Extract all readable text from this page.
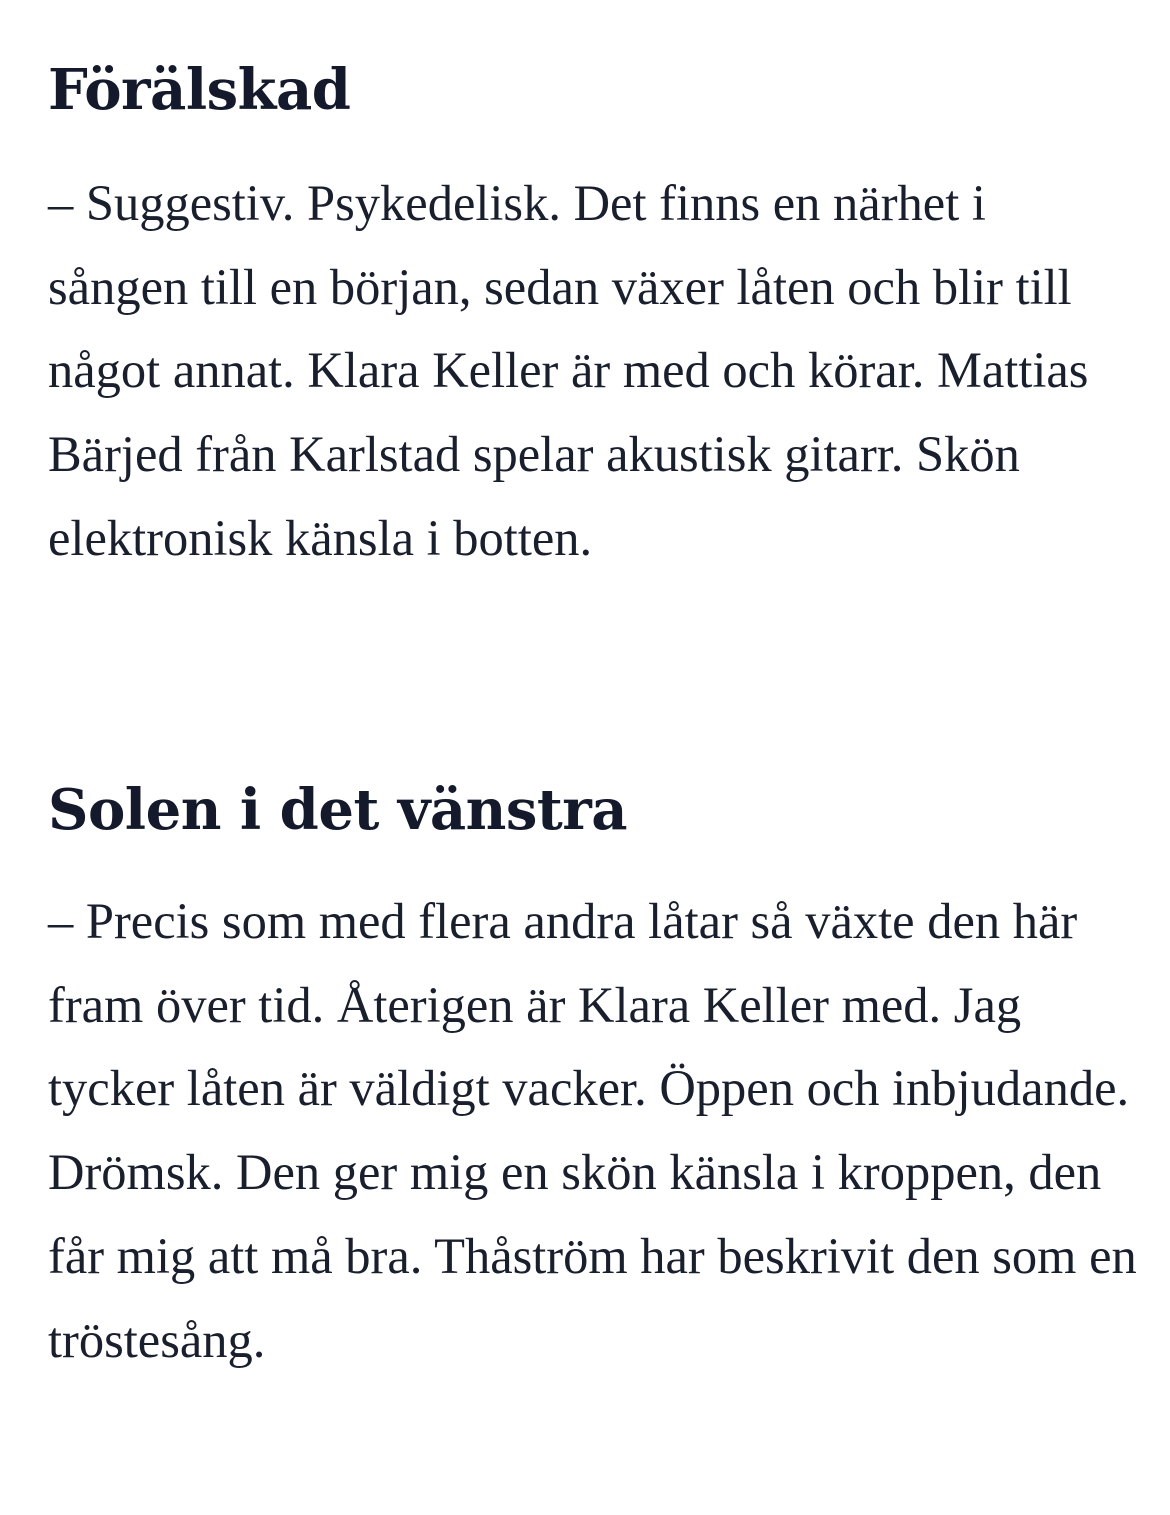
Förälskad

– Suggestiv. Psykedelisk. Det finns en närhet i sången till en början, sedan växer låten och blir till något annat. Klara Keller är med och körar. Mattias Bärjed från Karlstad spelar akustisk gitarr. Skön elektronisk känsla i botten.

Solen i det vänstra

– Precis som med flera andra låtar så växte den här fram över tid. Återigen är Klara Keller med. Jag tycker låten är väldigt vacker. Öppen och inbjudande. Drömsk. Den ger mig en skön känsla i kroppen, den får mig att må bra. Thåström har beskrivit den som en tröstesång.
